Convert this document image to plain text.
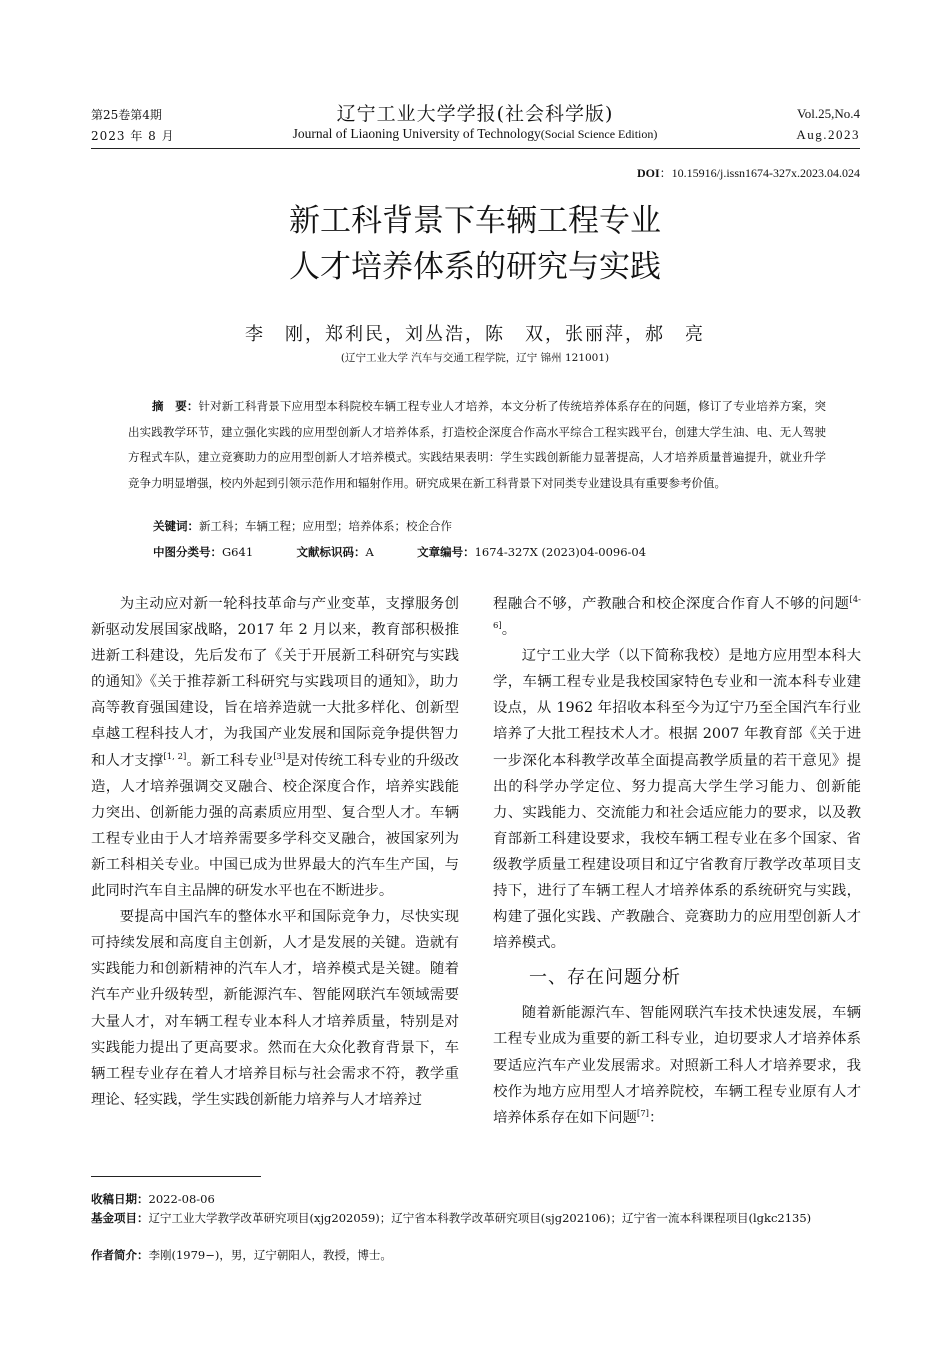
第25卷第4期
2023 年 8 月
辽宁工业大学学报(社会科学版)
Journal of Liaoning University of Technology(Social Science Edition)
Vol.25,No.4
Aug.2023
DOI：10.15916/j.issn1674-327x.2023.04.024
新工科背景下车辆工程专业
人才培养体系的研究与实践
李　刚，郑利民，刘丛浩，陈　双，张丽萍，郝　亮
(辽宁工业大学 汽车与交通工程学院，辽宁 锦州 121001)
摘　要：针对新工科背景下应用型本科院校车辆工程专业人才培养，本文分析了传统培养体系存在的问题，修订了专业培养方案，突出实践教学环节，建立强化实践的应用型创新人才培养体系，打造校企深度合作高水平综合工程实践平台，创建大学生油、电、无人驾驶方程式车队，建立竞赛助力的应用型创新人才培养模式。实践结果表明：学生实践创新能力显著提高，人才培养质量普遍提升，就业升学竞争力明显增强，校内外起到引领示范作用和辐射作用。研究成果在新工科背景下对同类专业建设具有重要参考价值。
关键词：新工科；车辆工程；应用型；培养体系；校企合作
中图分类号：G641	文献标识码：A	文章编号：1674-327X (2023)04-0096-04

为主动应对新一轮科技革命与产业变革，支撑服务创新驱动发展国家战略，2017 年 2 月以来，教育部积极推进新工科建设，先后发布了《关于开展新工科研究与实践的通知》《关于推荐新工科研究与实践项目的通知》，助力高等教育强国建设，旨在培养造就一大批多样化、创新型卓越工程科技人才，为我国产业发展和国际竞争提供智力和人才支撑[1, 2]。新工科专业[3]是对传统工科专业的升级改造，人才培养强调交叉融合、校企深度合作，培养实践能力突出、创新能力强的高素质应用型、复合型人才。车辆工程专业由于人才培养需要多学科交叉融合，被国家列为新工科相关专业。中国已成为世界最大的汽车生产国，与此同时汽车自主品牌的研发水平也在不断进步。

要提高中国汽车的整体水平和国际竞争力，尽快实现可持续发展和高度自主创新，人才是发展的关键。造就有实践能力和创新精神的汽车人才，培养模式是关键。随着汽车产业升级转型，新能源汽车、智能网联汽车领域需要大量人才，对车辆工程专业本科人才培养质量，特别是对实践能力提出了更高要求。然而在大众化教育背景下，车辆工程专业存在着人才培养目标与社会需求不符，教学重理论、轻实践，学生实践创新能力培养与人才培养过

程融合不够，产教融合和校企深度合作育人不够的问题[4-6]。

辽宁工业大学（以下简称我校）是地方应用型本科大学，车辆工程专业是我校国家特色专业和一流本科专业建设点，从 1962 年招收本科至今为辽宁乃至全国汽车行业培养了大批工程技术人才。根据 2007 年教育部《关于进一步深化本科教学改革全面提高教学质量的若干意见》提出的科学办学定位、努力提高大学生学习能力、创新能力、实践能力、交流能力和社会适应能力的要求，以及教育部新工科建设要求，我校车辆工程专业在多个国家、省级教学质量工程建设项目和辽宁省教育厅教学改革项目支持下，进行了车辆工程人才培养体系的系统研究与实践，构建了强化实践、产教融合、竞赛助力的应用型创新人才培养模式。

一、存在问题分析

随着新能源汽车、智能网联汽车技术快速发展，车辆工程专业成为重要的新工科专业，迫切要求人才培养体系要适应汽车产业发展需求。对照新工科人才培养要求，我校作为地方应用型人才培养院校，车辆工程专业原有人才培养体系存在如下问题[7]：

收稿日期：2022-08-06
基金项目：辽宁工业大学教学改革研究项目(xjg202059)；辽宁省本科教学改革研究项目(sjg202106)；辽宁省一流本科课程项目(lgkc2135)
作者简介：李刚(1979−)，男，辽宁朝阳人，教授，博士。
